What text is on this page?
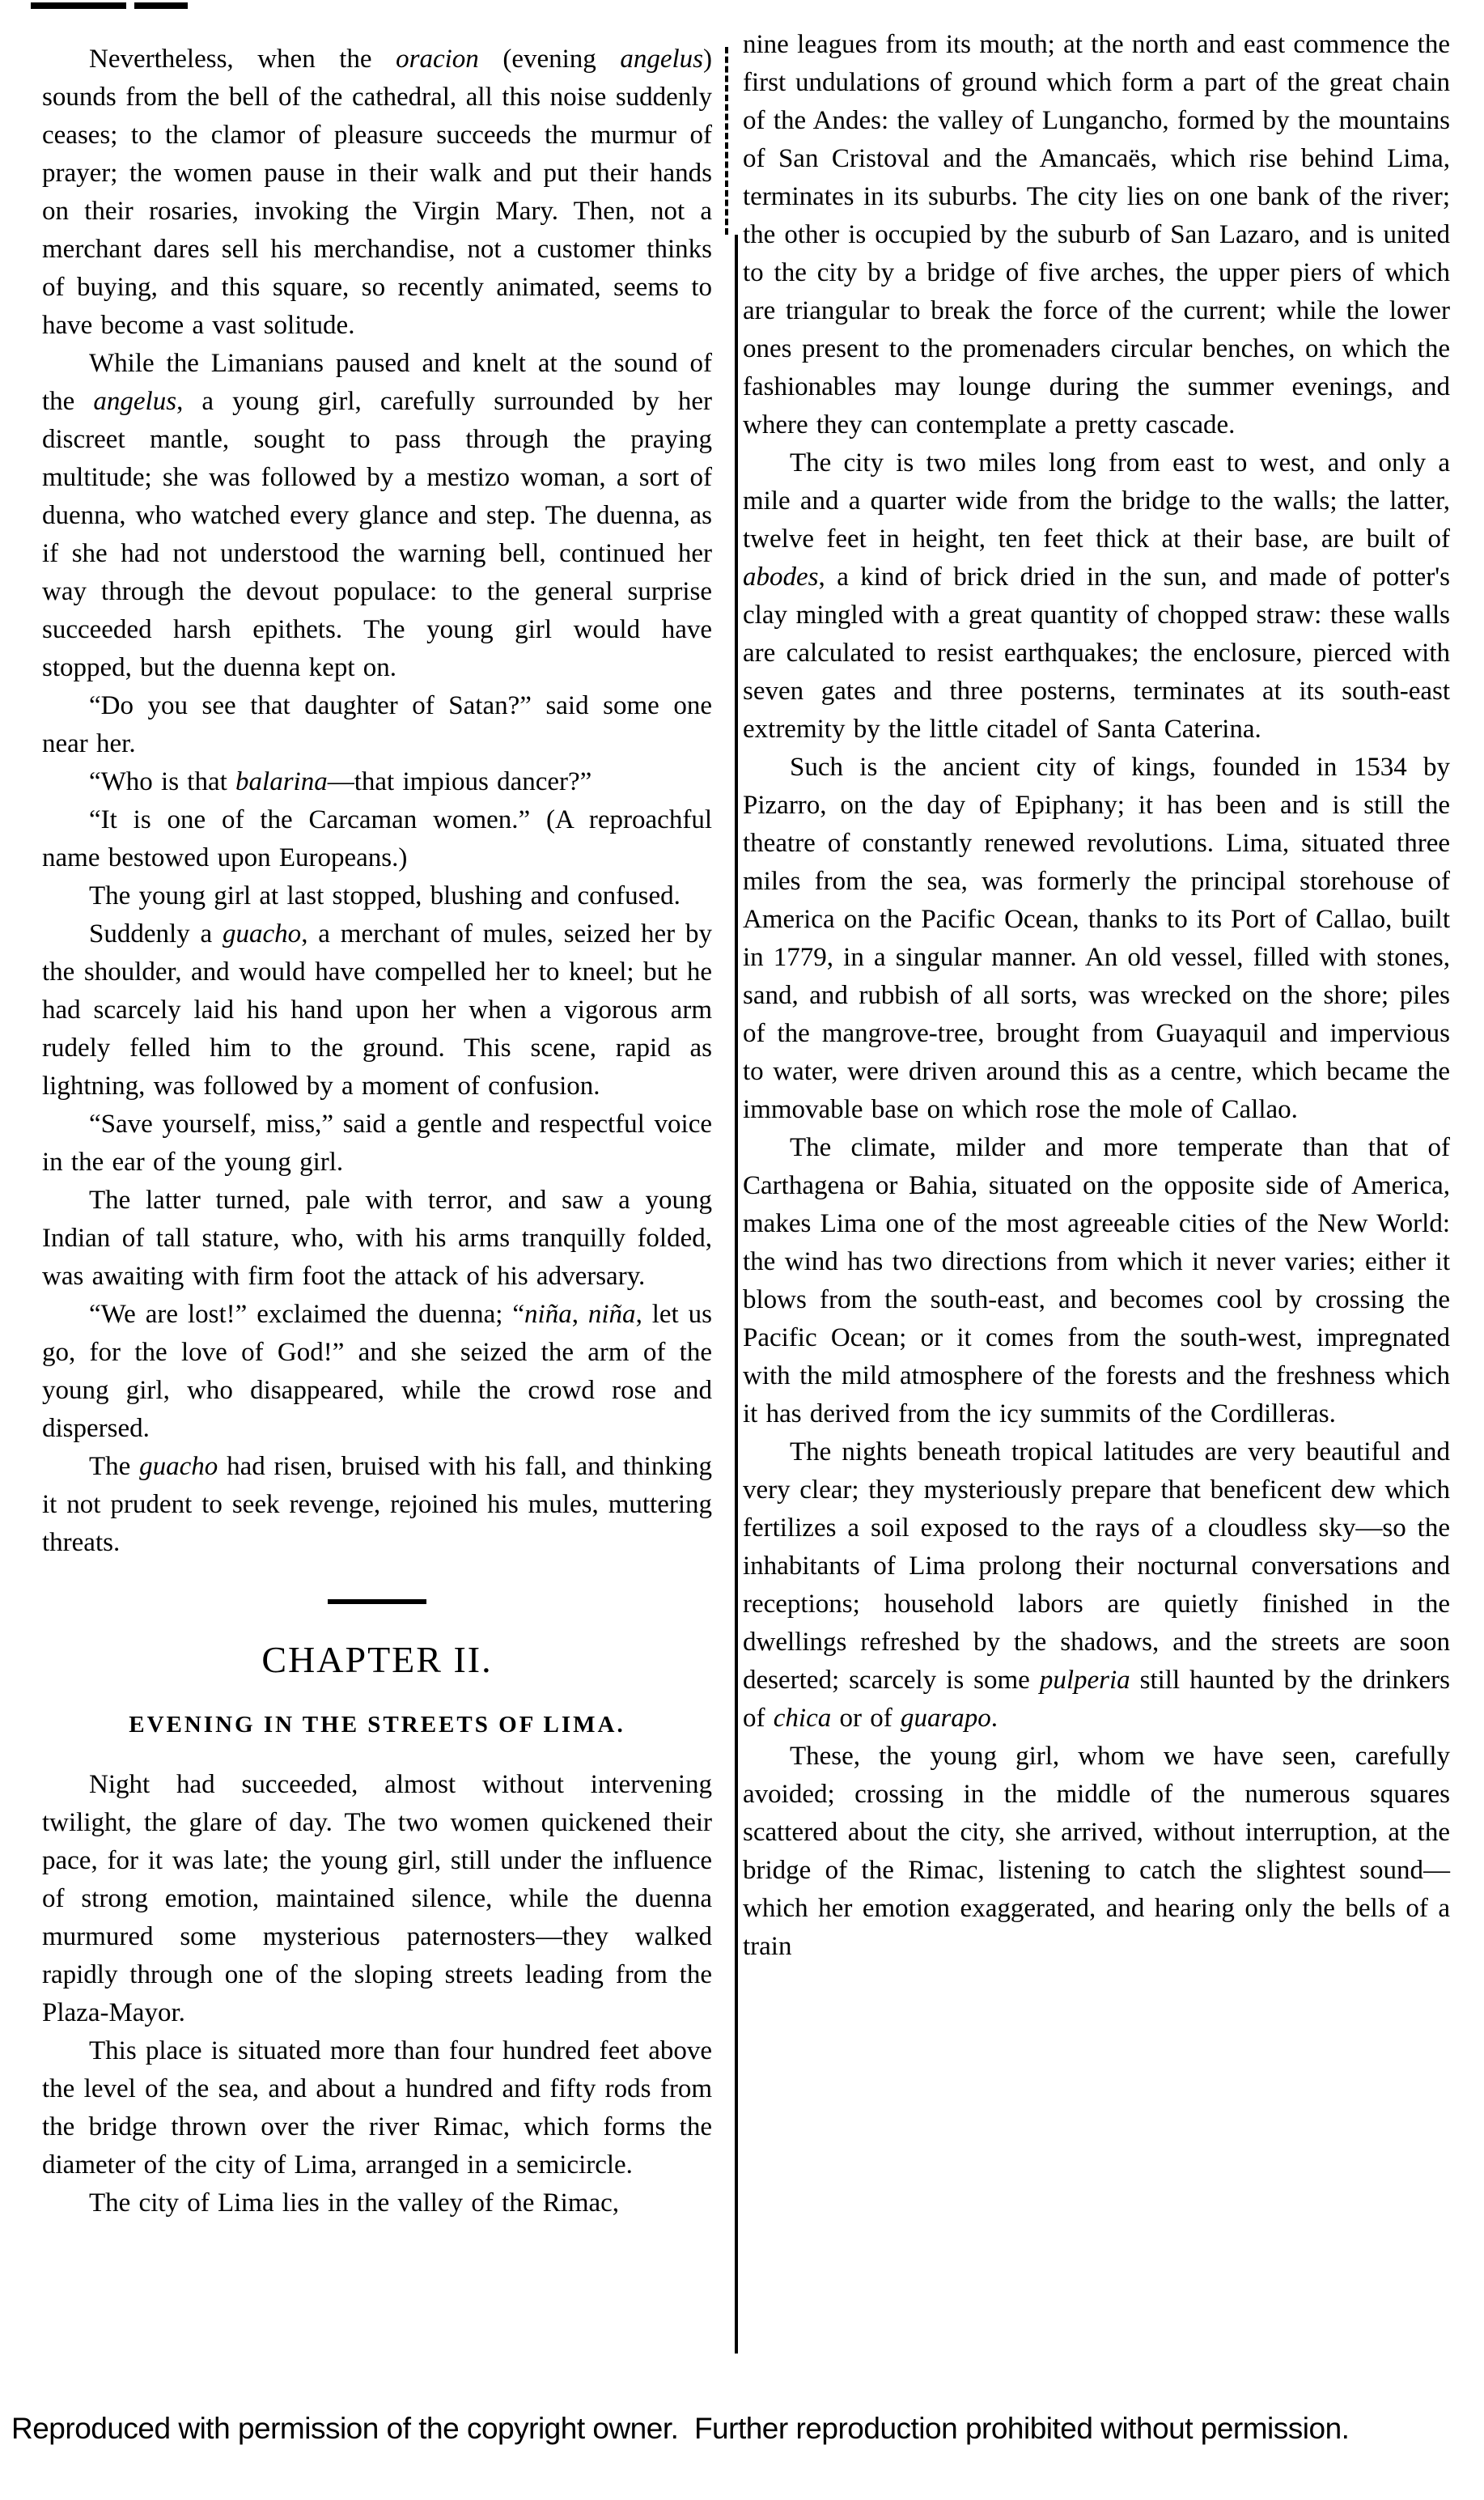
Nevertheless, when the oracion (evening angelus) sounds from the bell of the cathedral, all this noise suddenly ceases; to the clamor of pleasure succeeds the murmur of prayer; the women pause in their walk and put their hands on their rosaries, invoking the Virgin Mary. Then, not a merchant dares sell his merchandise, not a customer thinks of buying, and this square, so recently animated, seems to have become a vast solitude.

While the Limanians paused and knelt at the sound of the angelus, a young girl, carefully surrounded by her discreet mantle, sought to pass through the praying multitude; she was followed by a mestizo woman, a sort of duenna, who watched every glance and step. The duenna, as if she had not understood the warning bell, continued her way through the devout populace: to the general surprise succeeded harsh epithets. The young girl would have stopped, but the duenna kept on.

“Do you see that daughter of Satan?” said some one near her.

“Who is that balarina—that impious dancer?”

“It is one of the Carcaman women.” (A reproachful name bestowed upon Europeans.)

The young girl at last stopped, blushing and confused.

Suddenly a guacho, a merchant of mules, seized her by the shoulder, and would have compelled her to kneel; but he had scarcely laid his hand upon her when a vigorous arm rudely felled him to the ground. This scene, rapid as lightning, was followed by a moment of confusion.

“Save yourself, miss,” said a gentle and respectful voice in the ear of the young girl.

The latter turned, pale with terror, and saw a young Indian of tall stature, who, with his arms tranquilly folded, was awaiting with firm foot the attack of his adversary.

“We are lost!” exclaimed the duenna; “niña, niña, let us go, for the love of God!” and she seized the arm of the young girl, who disappeared, while the crowd rose and dispersed.

The guacho had risen, bruised with his fall, and thinking it not prudent to seek revenge, rejoined his mules, muttering threats.

CHAPTER II.
EVENING IN THE STREETS OF LIMA.

Night had succeeded, almost without intervening twilight, the glare of day. The two women quickened their pace, for it was late; the young girl, still under the influence of strong emotion, maintained silence, while the duenna murmured some mysterious paternosters—they walked rapidly through one of the sloping streets leading from the Plaza-Mayor.

This place is situated more than four hundred feet above the level of the sea, and about a hundred and fifty rods from the bridge thrown over the river Rimac, which forms the diameter of the city of Lima, arranged in a semicircle.

The city of Lima lies in the valley of the Rimac,

nine leagues from its mouth; at the north and east commence the first undulations of ground which form a part of the great chain of the Andes: the valley of Lungancho, formed by the mountains of San Cristoval and the Amancaës, which rise behind Lima, terminates in its suburbs. The city lies on one bank of the river; the other is occupied by the suburb of San Lazaro, and is united to the city by a bridge of five arches, the upper piers of which are triangular to break the force of the current; while the lower ones present to the promenaders circular benches, on which the fashionables may lounge during the summer evenings, and where they can contemplate a pretty cascade.

The city is two miles long from east to west, and only a mile and a quarter wide from the bridge to the walls; the latter, twelve feet in height, ten feet thick at their base, are built of abodes, a kind of brick dried in the sun, and made of potter's clay mingled with a great quantity of chopped straw: these walls are calculated to resist earthquakes; the enclosure, pierced with seven gates and three posterns, terminates at its south-east extremity by the little citadel of Santa Caterina.

Such is the ancient city of kings, founded in 1534 by Pizarro, on the day of Epiphany; it has been and is still the theatre of constantly renewed revolutions. Lima, situated three miles from the sea, was formerly the principal storehouse of America on the Pacific Ocean, thanks to its Port of Callao, built in 1779, in a singular manner. An old vessel, filled with stones, sand, and rubbish of all sorts, was wrecked on the shore; piles of the mangrove-tree, brought from Guayaquil and impervious to water, were driven around this as a centre, which became the immovable base on which rose the mole of Callao.

The climate, milder and more temperate than that of Carthagena or Bahia, situated on the opposite side of America, makes Lima one of the most agreeable cities of the New World: the wind has two directions from which it never varies; either it blows from the south-east, and becomes cool by crossing the Pacific Ocean; or it comes from the south-west, impregnated with the mild atmosphere of the forests and the freshness which it has derived from the icy summits of the Cordilleras.

The nights beneath tropical latitudes are very beautiful and very clear; they mysteriously prepare that beneficent dew which fertilizes a soil exposed to the rays of a cloudless sky—so the inhabitants of Lima prolong their nocturnal conversations and receptions; household labors are quietly finished in the dwellings refreshed by the shadows, and the streets are soon deserted; scarcely is some pulperia still haunted by the drinkers of chica or of guarapo.

These, the young girl, whom we have seen, carefully avoided; crossing in the middle of the numerous squares scattered about the city, she arrived, without interruption, at the bridge of the Rimac, listening to catch the slightest sound—which her emotion exaggerated, and hearing only the bells of a train

Reproduced with permission of the copyright owner.  Further reproduction prohibited without permission.
